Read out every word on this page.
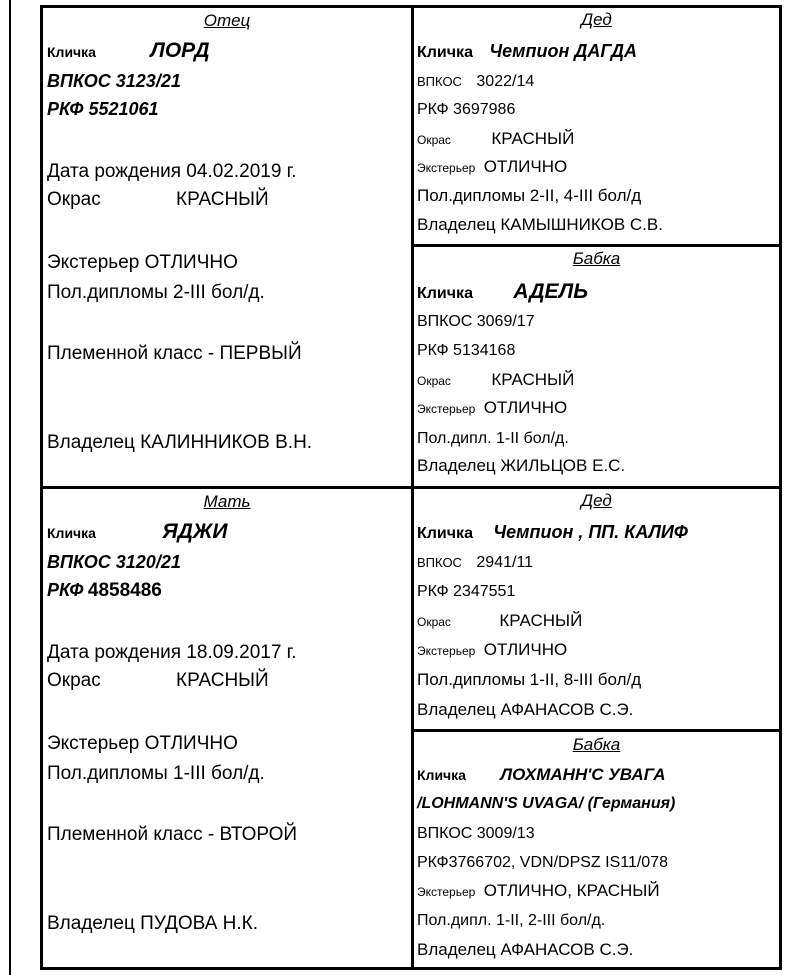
Отец
Кличка	ЛОРД
ВПКОС 3123/21
РКФ 5521061
Дата рождения 04.02.2019 г.
Окрас	КРАСНЫЙ
Экстерьер ОТЛИЧНО
Пол.дипломы 2-III бол/д.
Племенной класс - ПЕРВЫЙ
Владелец КАЛИННИКОВ В.Н.
Дед
Кличка Чемпион ДАГДА
ВПКОС 3022/14
РКФ 3697986
Окрас КРАСНЫЙ
Экстерьер ОТЛИЧНО
Пол.дипломы 2-II, 4-III бол/д
Владелец КАМЫШНИКОВ С.В.
Бабка
Кличка АДЕЛЬ
ВПКОС 3069/17
РКФ 5134168
Окрас КРАСНЫЙ
Экстерьер ОТЛИЧНО
Пол.дипл. 1-II бол/д.
Владелец ЖИЛЬЦОВ Е.С.
Мать
Кличка	ЯДЖИ
ВПКОС 3120/21
РКФ 4858486
Дата рождения 18.09.2017 г.
Окрас	КРАСНЫЙ
Экстерьер ОТЛИЧНО
Пол.дипломы 1-III бол/д.
Племенной класс - ВТОРОЙ
Владелец ПУДОВА Н.К.
Дед
Кличка Чемпион , ПП. КАЛИФ
ВПКОС 2941/11
РКФ 2347551
Окрас	КРАСНЫЙ
Экстерьер ОТЛИЧНО
Пол.дипломы 1-II, 8-III бол/д
Владелец АФАНАСОВ С.Э.
Бабка
Кличка ЛОХМАНН'С УВАГА
/LOHMANN'S UVAGA/ (Германия)
ВПКОС 3009/13
РКФ3766702, VDN/DPSZ IS11/078
Экстерьер ОТЛИЧНО, КРАСНЫЙ
Пол.дипл. 1-II, 2-III бол/д.
Владелец АФАНАСОВ С.Э.
